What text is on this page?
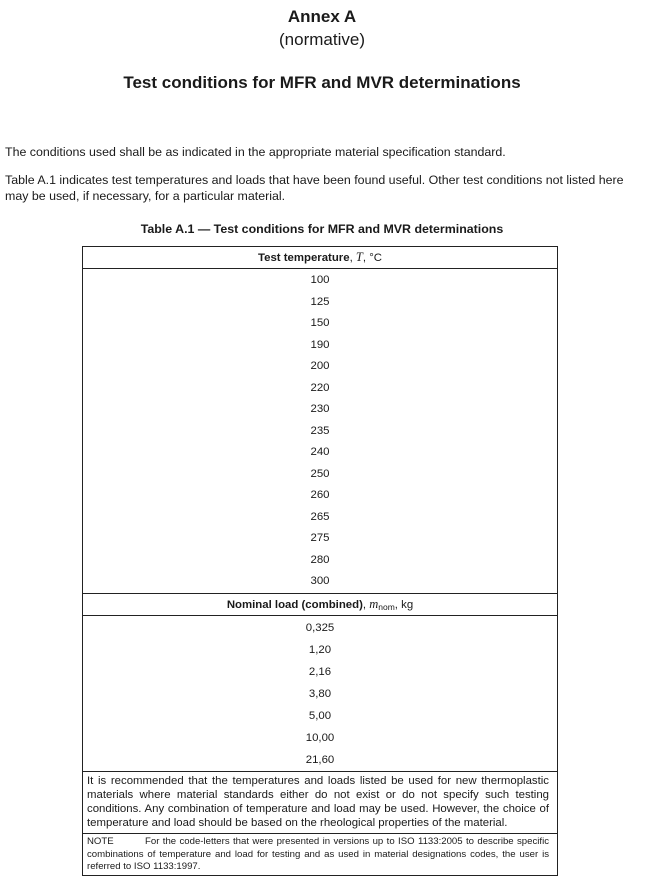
Annex A
(normative)
Test conditions for MFR and MVR determinations

The conditions used shall be as indicated in the appropriate material specification standard.

Table A.1 indicates test temperatures and loads that have been found useful. Other test conditions not listed here may be used, if necessary, for a particular material.

Table A.1 — Test conditions for MFR and MVR determinations
Test temperature, T, °C
100
125
150
190
200
220
230
235
240
250
260
265
275
280
300
Nominal load (combined), $m_{nom}$, kg
0,325
1,20
2,16
3,80
5,00
10,00
21,60
It is recommended that the temperatures and loads listed be used for new thermoplastic materials where material standards either do not exist or do not specify such testing conditions. Any combination of temperature and load may be used. However, the choice of temperature and load should be based on the rheological properties of the material.
NOTE	For the code-letters that were presented in versions up to ISO 1133:2005 to describe specific combinations of temperature and load for testing and as used in material designations codes, the user is referred to ISO 1133:1997.
